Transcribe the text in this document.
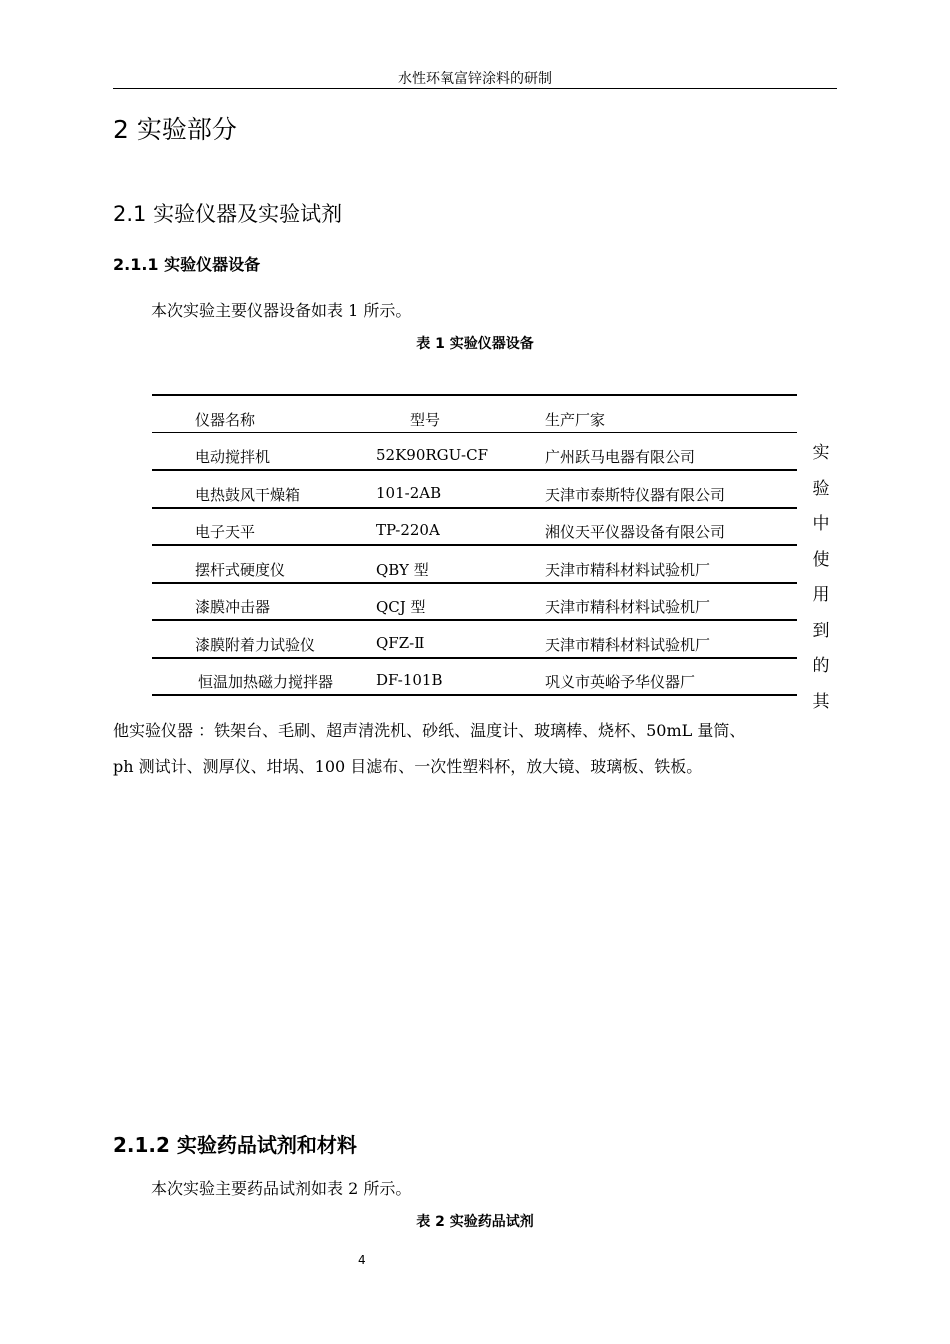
水性环氧富锌涂料的研制
2 实验部分
2.1 实验仪器及实验试剂
2.1.1 实验仪器设备
本次实验主要仪器设备如表 1 所示。
表 1 实验仪器设备
仪器名称	型号	生产厂家
电动搅拌机	52K90RGU-CF	广州跃马电器有限公司
电热鼓风干燥箱	101-2AB	天津市泰斯特仪器有限公司
电子天平	TP-220A	湘仪天平仪器设备有限公司
摆杆式硬度仪	QBY 型	天津市精科材料试验机厂
漆膜冲击器	QCJ 型	天津市精科材料试验机厂
漆膜附着力试验仪	QFZ-Ⅱ	天津市精科材料试验机厂
恒温加热磁力搅拌器	DF-101B	巩义市英峪予华仪器厂
实
验
中
使
用
到
的
其
他实验仪器 ：铁架台、毛刷、超声清洗机、砂纸、温度计、玻璃棒、烧杯、50mL 量筒、
ph 测试计、测厚仪、坩埚、100 目滤布、一次性塑料杯，放大镜、玻璃板、铁板。
2.1.2 实验药品试剂和材料
本次实验主要药品试剂如表 2 所示。
表 2 实验药品试剂
4
